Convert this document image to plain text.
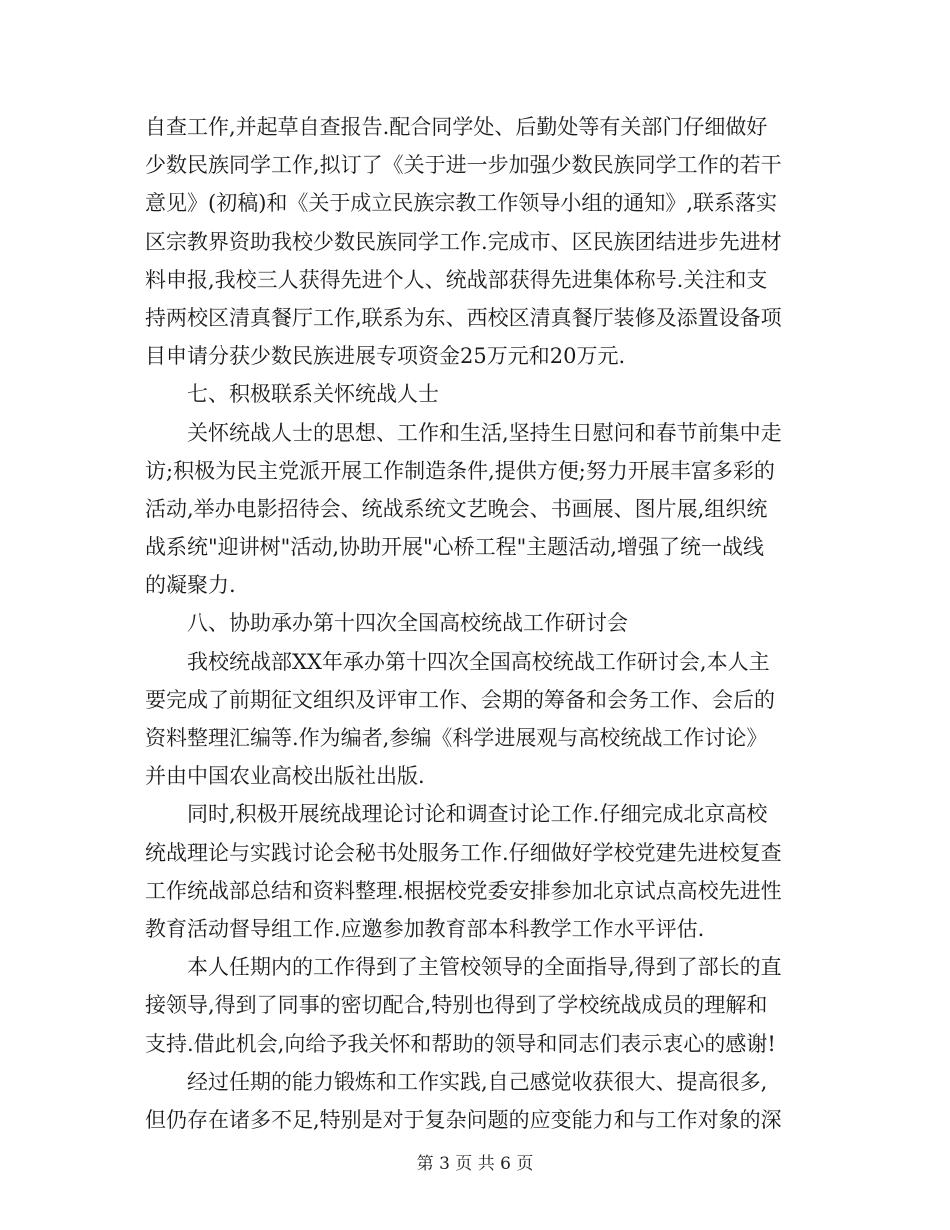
自查工作,并起草自查报告.配合同学处、后勤处等有关部门仔细做好
少数民族同学工作,拟订了《关于进一步加强少数民族同学工作的若干
意见》(初稿)和《关于成立民族宗教工作领导小组的通知》,联系落实
区宗教界资助我校少数民族同学工作.完成市、区民族团结进步先进材
料申报,我校三人获得先进个人、统战部获得先进集体称号.关注和支
持两校区清真餐厅工作,联系为东、西校区清真餐厅装修及添置设备项
目申请分获少数民族进展专项资金25万元和20万元.
七、积极联系关怀统战人士
关怀统战人士的思想、工作和生活,坚持生日慰问和春节前集中走
访;积极为民主党派开展工作制造条件,提供方便;努力开展丰富多彩的
活动,举办电影招待会、统战系统文艺晚会、书画展、图片展,组织统
战系统"迎讲树"活动,协助开展"心桥工程"主题活动,增强了统一战线
的凝聚力.
八、协助承办第十四次全国高校统战工作研讨会
我校统战部XX年承办第十四次全国高校统战工作研讨会,本人主
要完成了前期征文组织及评审工作、会期的筹备和会务工作、会后的
资料整理汇编等.作为编者,参编《科学进展观与高校统战工作讨论》
并由中国农业高校出版社出版.
同时,积极开展统战理论讨论和调查讨论工作.仔细完成北京高校
统战理论与实践讨论会秘书处服务工作.仔细做好学校党建先进校复查
工作统战部总结和资料整理.根据校党委安排参加北京试点高校先进性
教育活动督导组工作.应邀参加教育部本科教学工作水平评估.
本人任期内的工作得到了主管校领导的全面指导,得到了部长的直
接领导,得到了同事的密切配合,特别也得到了学校统战成员的理解和
支持.借此机会,向给予我关怀和帮助的领导和同志们表示衷心的感谢!
经过任期的能力锻炼和工作实践,自己感觉收获很大、提高很多,
但仍存在诸多不足,特别是对于复杂问题的应变能力和与工作对象的深
第 3 页 共 6 页
